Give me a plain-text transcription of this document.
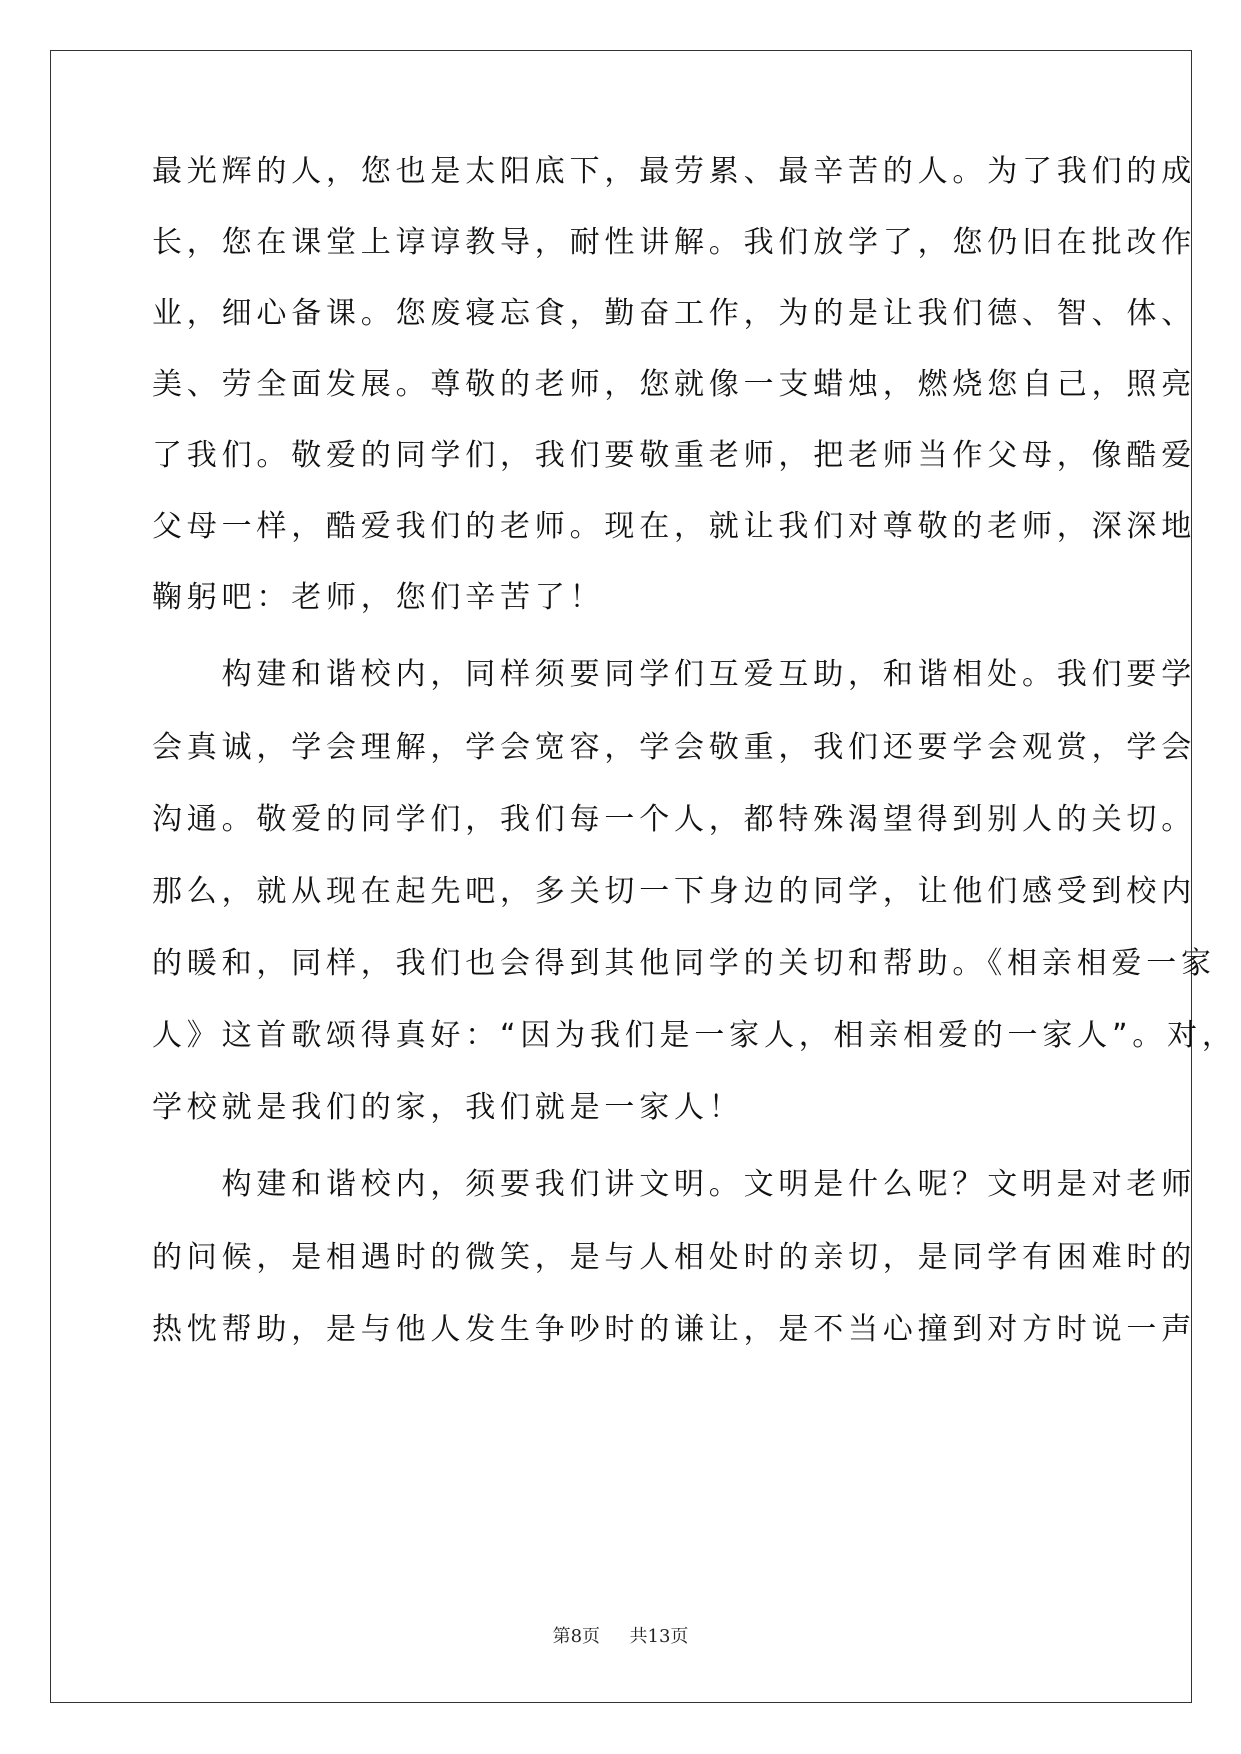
最光辉的人，您也是太阳底下，最劳累、最辛苦的人。为了我们的成
长，您在课堂上谆谆教导，耐性讲解。我们放学了，您仍旧在批改作
业，细心备课。您废寝忘食，勤奋工作，为的是让我们德、智、体、
美、劳全面发展。尊敬的老师，您就像一支蜡烛，燃烧您自己，照亮
了我们。敬爱的同学们，我们要敬重老师，把老师当作父母，像酷爱
父母一样，酷爱我们的老师。现在，就让我们对尊敬的老师，深深地
鞠躬吧：老师，您们辛苦了！
　　构建和谐校内，同样须要同学们互爱互助，和谐相处。我们要学
会真诚，学会理解，学会宽容，学会敬重，我们还要学会观赏，学会
沟通。敬爱的同学们，我们每一个人，都特殊渴望得到别人的关切。
那么，就从现在起先吧，多关切一下身边的同学，让他们感受到校内
的暖和，同样，我们也会得到其他同学的关切和帮助。《相亲相爱一家
人》这首歌颂得真好：“因为我们是一家人，相亲相爱的一家人”。对，
学校就是我们的家，我们就是一家人！
　　构建和谐校内，须要我们讲文明。文明是什么呢？文明是对老师
的问候，是相遇时的微笑，是与人相处时的亲切，是同学有困难时的
热忱帮助，是与他人发生争吵时的谦让，是不当心撞到对方时说一声
第8页 共13页
